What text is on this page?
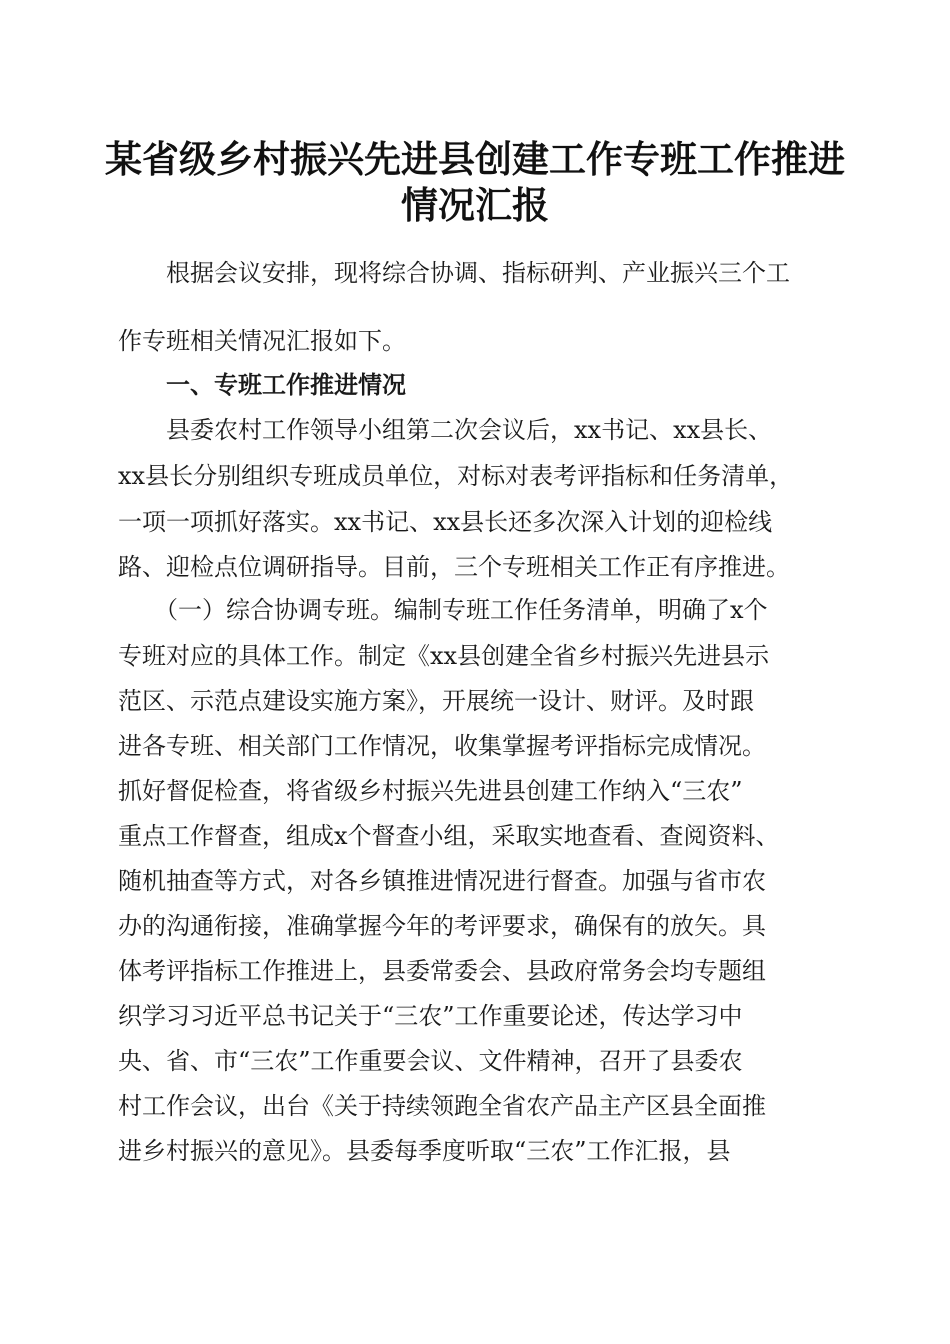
某省级乡村振兴先进县创建工作专班工作推进
情况汇报
　　根据会议安排，现将综合协调、指标研判、产业振兴三个工
作专班相关情况汇报如下。
　　一、专班工作推进情况
　　县委农村工作领导小组第二次会议后，xx书记、xx县长、
xx县长分别组织专班成员单位，对标对表考评指标和任务清单，
一项一项抓好落实。xx书记、xx县长还多次深入计划的迎检线
路、迎检点位调研指导。目前，三个专班相关工作正有序推进。
　　（一）综合协调专班。编制专班工作任务清单，明确了x个
专班对应的具体工作。制定《xx县创建全省乡村振兴先进县示
范区、示范点建设实施方案》，开展统一设计、财评。及时跟
进各专班、相关部门工作情况，收集掌握考评指标完成情况。
抓好督促检查，将省级乡村振兴先进县创建工作纳入“三农”
重点工作督查，组成x个督查小组，采取实地查看、查阅资料、
随机抽查等方式，对各乡镇推进情况进行督查。加强与省市农
办的沟通衔接，准确掌握今年的考评要求，确保有的放矢。具
体考评指标工作推进上，县委常委会、县政府常务会均专题组
织学习习近平总书记关于“三农”工作重要论述，传达学习中
央、省、市“三农”工作重要会议、文件精神，召开了县委农
村工作会议，出台《关于持续领跑全省农产品主产区县全面推
进乡村振兴的意见》。县委每季度听取“三农”工作汇报，县
